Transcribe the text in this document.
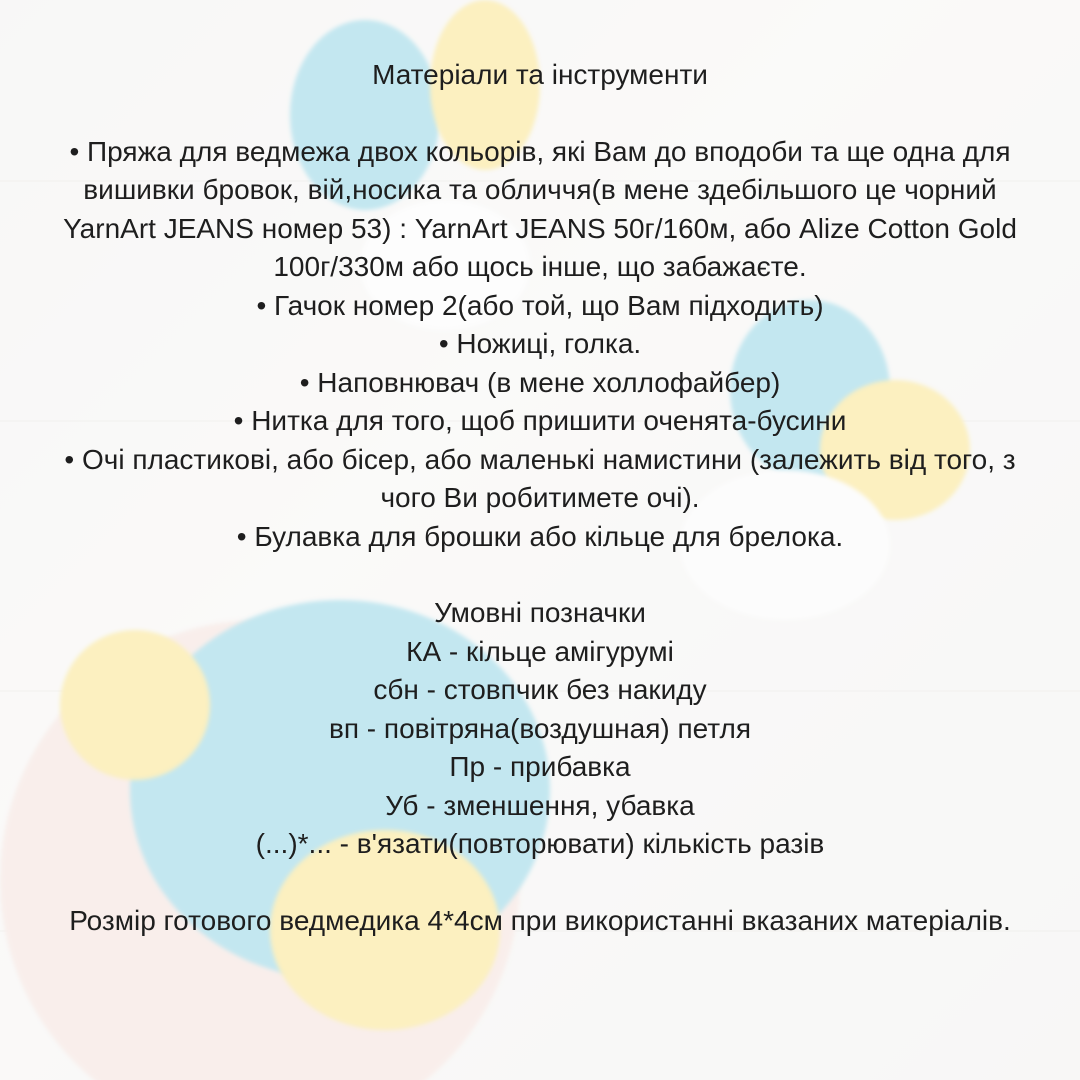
Матеріали та інструменти

• Пряжа для ведмежа двох кольорів, які Вам до вподоби та ще одна для вишивки бровок, вій,носика та обличчя(в мене здебільшого це чорний YarnArt JEANS номер 53) : YarnArt JEANS 50г/160м, або Alize Cotton Gold 100г/330м або щось інше, що забажаєте.

• Гачок номер 2(або той, що Вам підходить)

• Ножиці, голка.

• Наповнювач (в мене холлофайбер)

• Нитка для того, щоб пришити оченята-бусини

• Очі пластикові, або бісер, або маленькі намистини (залежить від того, з чого Ви робитимете очі).

• Булавка для брошки або кільце для брелока.

Умовні позначки

КА - кільце амігурумі

сбн - стовпчик без накиду

вп - повітряна(воздушная) петля

Пр - прибавка

Уб - зменшення, убавка

(...)*... - в'язати(повторювати) кількість разів

Розмір готового ведмедика 4*4см при використанні вказаних матеріалів.
